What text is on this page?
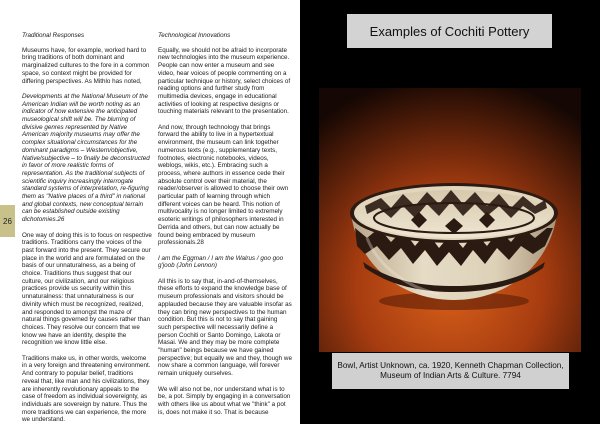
26
Traditional Responses

Museums have, for example, worked hard to bring traditions of both dominant and marginalized cultures to the fore in a common space, so context might be provided for differing perspectives. As Mithlo has noted,

Developments at the National Museum of the American Indian will be worth noting as an indicator of how extensive the anticipated museological shift will be. The blurring of divisive genres represented by Native American majority museums may offer the complex situational circumstances for the dominant paradigms – Western/objective, Native/subjective – to finally be deconstructed in favor of more realistic forms of representation. As the traditional subjects of scientific inquiry increasingly interrogate standard systems of interpretation, re-figuring them as "Native places of a third" in national and global contexts, new conceptual terrain can be established outside existing dichotomies.26

One way of doing this is to focus on respective traditions. Traditions carry the voices of the past forward into the present. They secure our place in the world and are formulated on the basis of our unnaturalness, as a being of choice. Traditions thus suggest that our culture, our civilization, and our religious practices provide us security within this unnaturalness: that unnaturalness is our divinity which must be recognized, realized, and responded to amongst the maze of natural things governed by causes rather than choices. They resolve our concern that we know we have an identity, despite the recognition we know little else.

Traditions make us, in other words, welcome in a very foreign and threatening environment. And contrary to popular belief, traditions reveal that, like man and his civilizations, they are inherently revolutionary appeals to the case of freedom as individual sovereignty, as individuals are sovereign by nature. Thus the more traditions we can experience, the more we understand.

Technological Innovations

Equally, we should not be afraid to incorporate new technologies into the museum experience. People can now enter a museum and see video, hear voices of people commenting on a particular technique or history, select choices of reading options and further study from multimedia devices, engage in educational activities of looking at respective designs or touching materials relevant to the presentation.

And now, through technology that brings forward the ability to live in a hypertextual environment, the museum can link together numerous texts (e.g., supplementary texts, footnotes, electronic notebooks, videos, weblogs, wikis, etc.). Embracing such a process, where authors in essence cede their absolute control over their material, the reader/observer is allowed to choose their own particular path of learning through which different voices can be heard. This notion of multivocality is no longer limited to extremely esoteric writings of philosophers interested in Derrida and others, but can now actually be found being embraced by museum professionals.28

I am the Eggman / I am the Walrus / goo goo g'joob (John Lennon)

All this is to say that, in-and-of-themselves, these efforts to expand the knowledge base of museum professionals and visitors should be applauded because they are valuable insofar as they can bring new perspectives to the human condition. But this is not to say that gaining such perspective will necessarily define a person Cochiti or Santo Domingo, Lakota or Masai. We and they may be more complete "human" beings because we have gained perspective; but equally we and they, though we now share a common language, will forever remain uniquely ourselves.

We will also not be, nor understand what is to be, a pot. Simply by engaging in a conversation with others like us about what we "think" a pot is, does not make it so. That is because

Examples of Cochiti Pottery
Bowl, Artist Unknown, ca. 1920, Kenneth Chapman Collection,
Museum of Indian Arts & Culture. 7794
